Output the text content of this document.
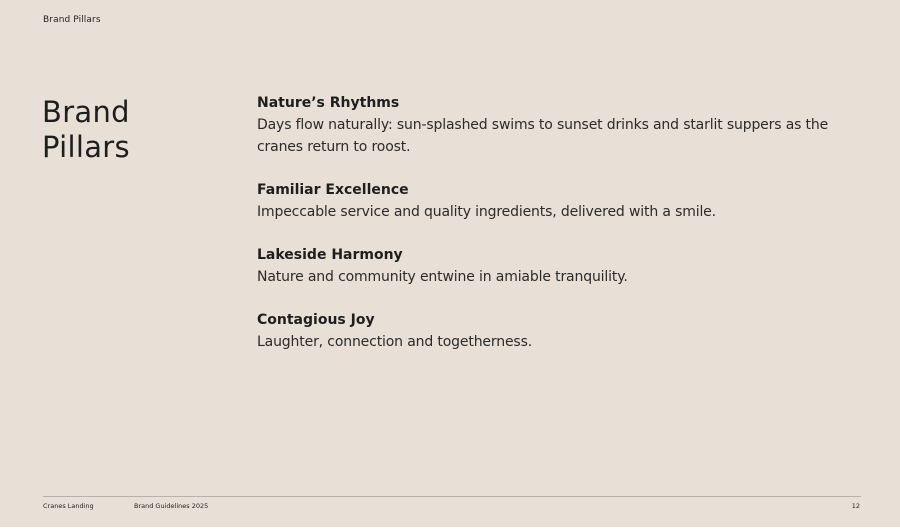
Brand Pillars
Brand
Pillars
Nature’s Rhythms
Days flow naturally: sun-splashed swims to sunset drinks and starlit suppers as the cranes return to roost.
Familiar Excellence
Impeccable service and quality ingredients, delivered with a smile.
Lakeside Harmony
Nature and community entwine in amiable tranquility.
Contagious Joy
Laughter, connection and togetherness.
Cranes Landing	Brand Guidelines 2025	12
